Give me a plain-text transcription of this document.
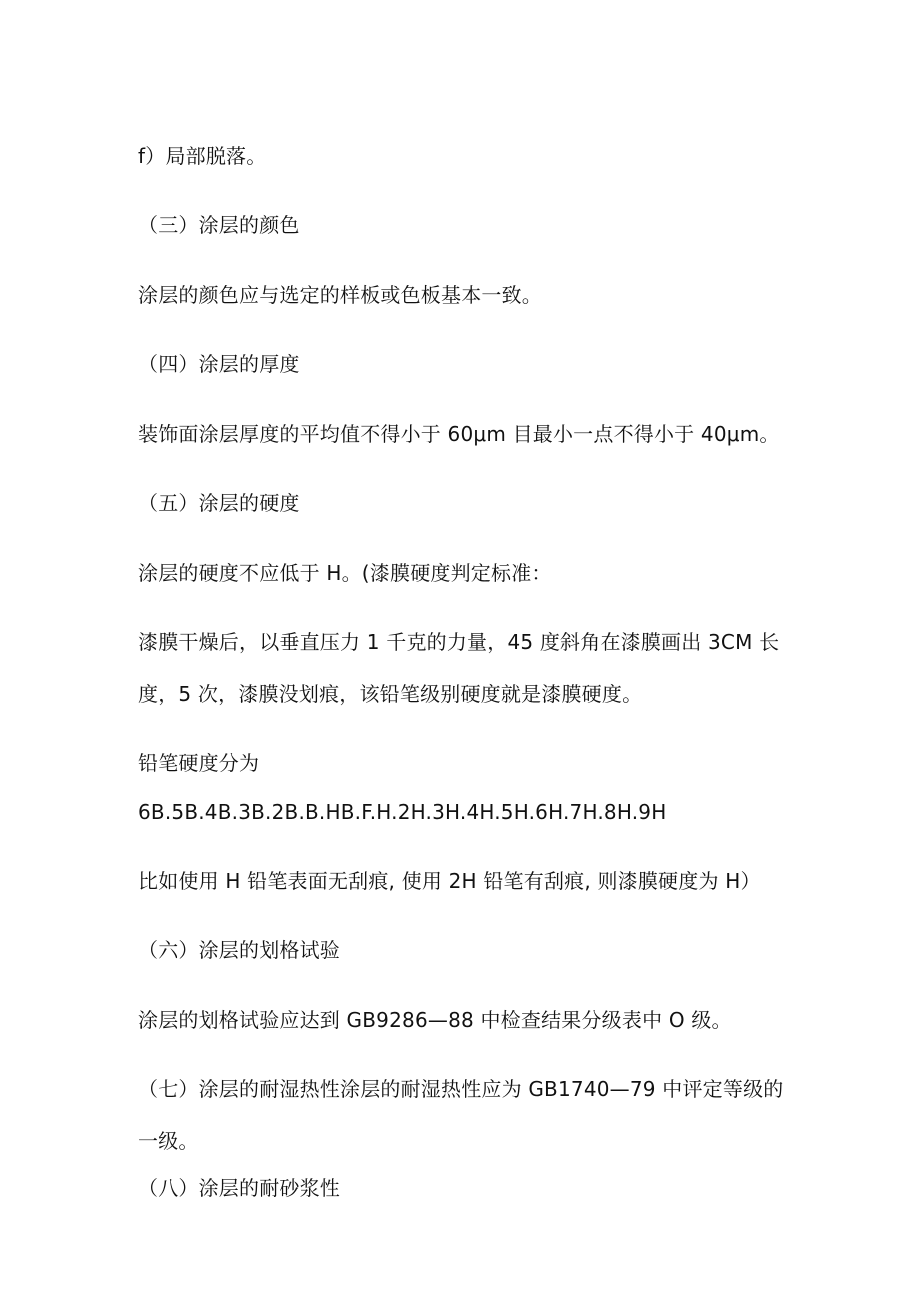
f）局部脱落。

（三）涂层的颜色

涂层的颜色应与选定的样板或色板基本一致。

（四）涂层的厚度

装饰面涂层厚度的平均值不得小于 60μm 目最小一点不得小于 40μm。

（五）涂层的硬度

涂层的硬度不应低于 H。(漆膜硬度判定标准：

漆膜干燥后，以垂直压力 1 千克的力量，45 度斜角在漆膜画出 3CM 长度，5 次，漆膜没划痕，该铅笔级别硬度就是漆膜硬度。

铅笔硬度分为

6B.5B.4B.3B.2B.B.HB.F.H.2H.3H.4H.5H.6H.7H.8H.9H

比如使用 H 铅笔表面无刮痕, 使用 2H 铅笔有刮痕, 则漆膜硬度为 H）

（六）涂层的划格试验

涂层的划格试验应达到 GB9286—88 中检查结果分级表中 O 级。

（七）涂层的耐湿热性涂层的耐湿热性应为 GB1740—79 中评定等级的一级。

（八）涂层的耐砂浆性
